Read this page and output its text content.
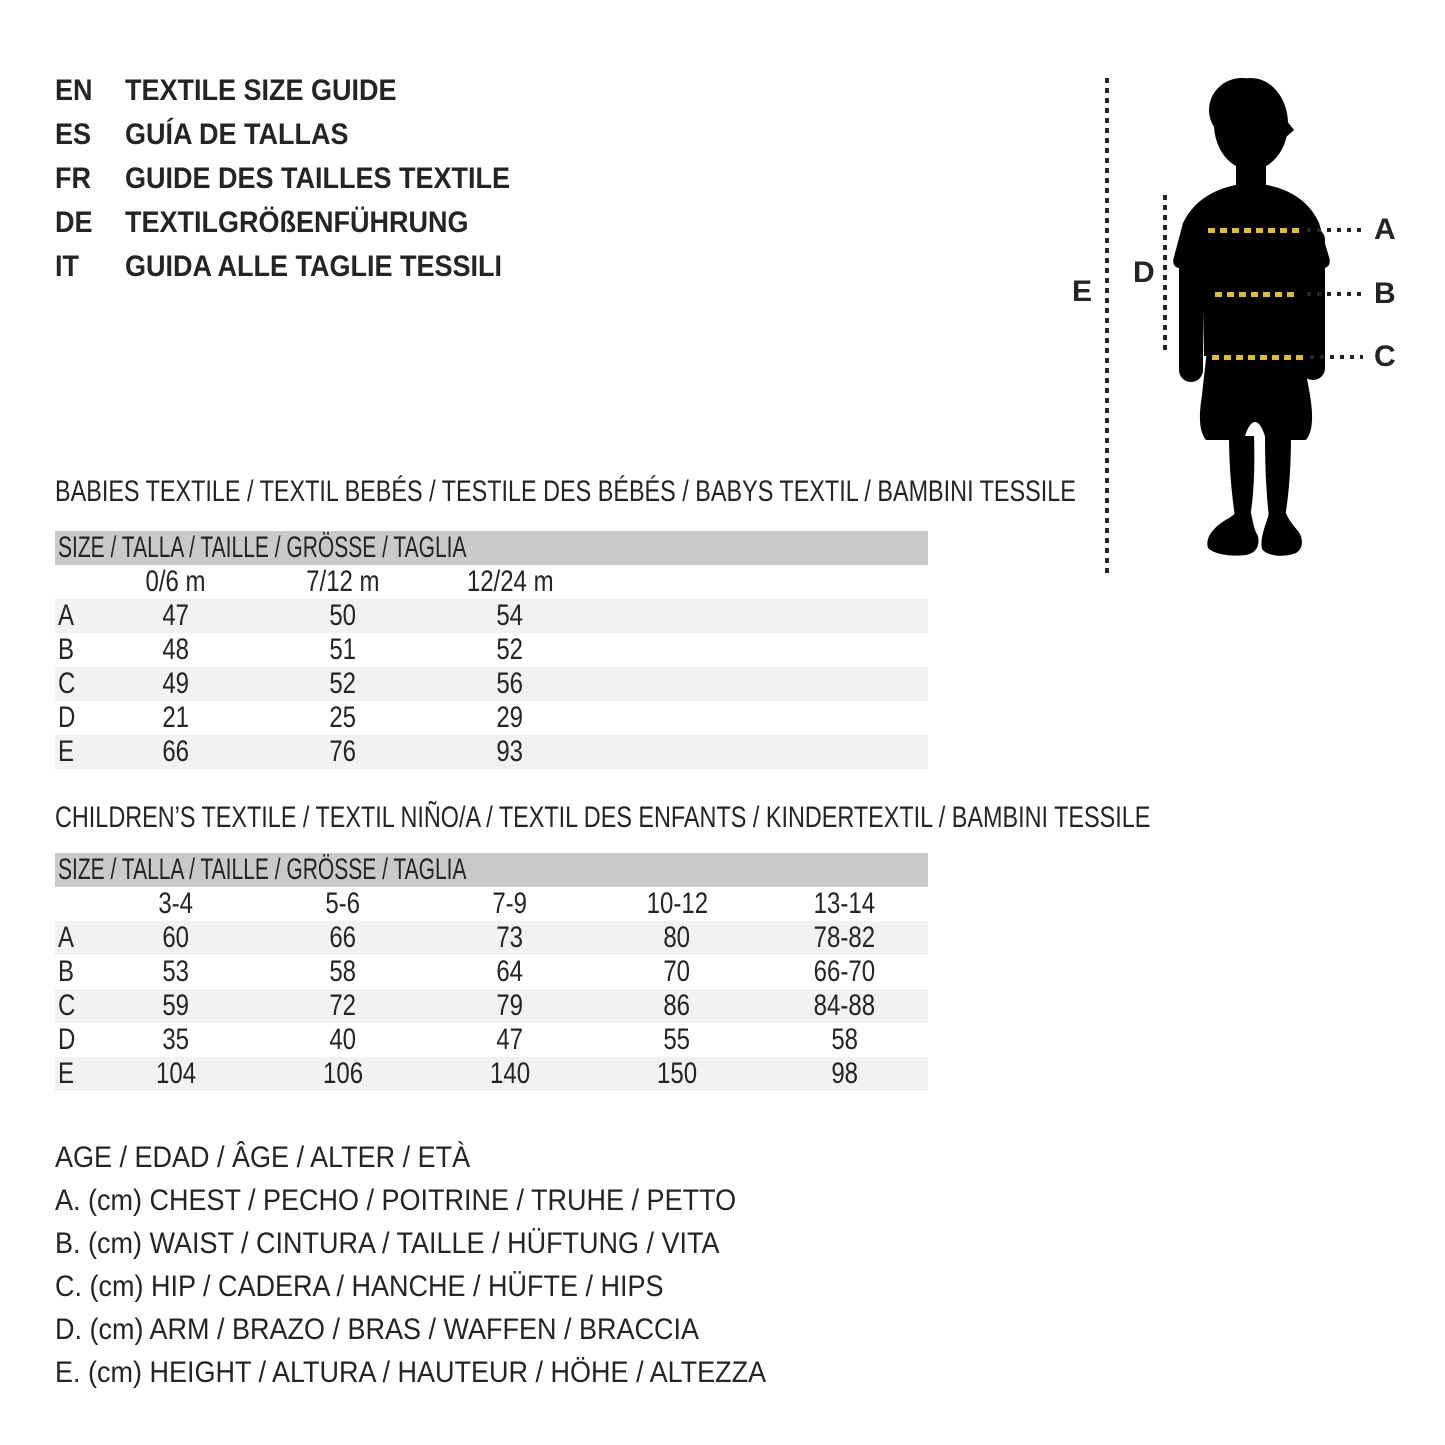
EN	TEXTILE SIZE GUIDE
ES	GUÍA DE TALLAS
FR	GUIDE DES TAILLES TEXTILE
DE	TEXTILGRÖßENFÜHRUNG
IT	GUIDA ALLE TAGLIE TESSILI
A
B
C
D
E
BABIES TEXTILE / TEXTIL BEBÉS / TESTILE DES BÉBÉS / BABYS TEXTIL / BAMBINI TESSILE
SIZE / TALLA / TAILLE / GRÖSSE / TAGLIA					
	0/6 m	7/12 m	12/24 m		
A	47	50	54		
B	48	51	52		
C	49	52	56		
D	21	25	29		
E	66	76	93		
CHILDREN’S TEXTILE / TEXTIL NIÑO/A / TEXTIL DES ENFANTS / KINDERTEXTIL / BAMBINI TESSILE
SIZE / TALLA / TAILLE / GRÖSSE / TAGLIA					
	3-4	5-6	7-9	10-12	13-14
A	60	66	73	80	78-82
B	53	58	64	70	66-70
C	59	72	79	86	84-88
D	35	40	47	55	58
E	104	106	140	150	98
AGE / EDAD / ÂGE / ALTER / ETÀ
A. (cm) CHEST / PECHO / POITRINE / TRUHE / PETTO
B. (cm) WAIST / CINTURA / TAILLE / HÜFTUNG / VITA
C. (cm) HIP / CADERA / HANCHE / HÜFTE / HIPS
D. (cm) ARM / BRAZO / BRAS / WAFFEN / BRACCIA
E. (cm) HEIGHT / ALTURA / HAUTEUR / HÖHE / ALTEZZA
